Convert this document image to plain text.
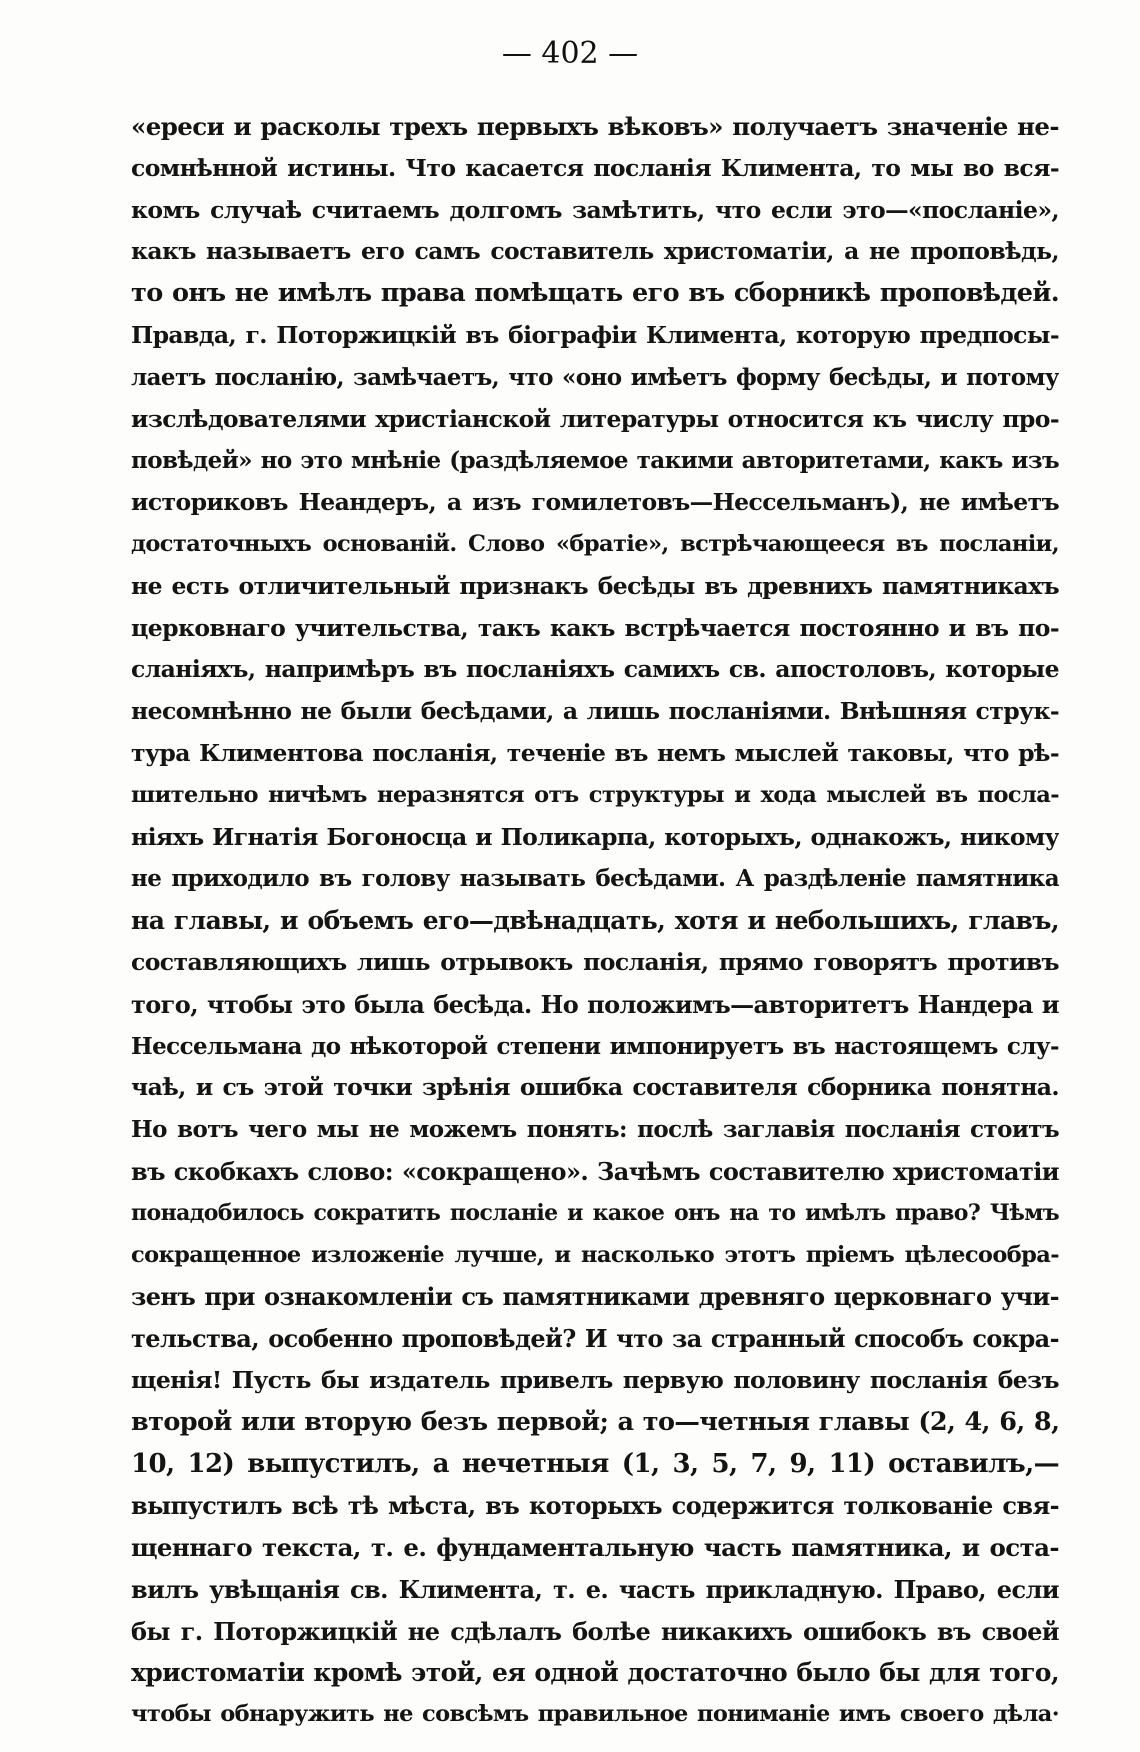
— 402 —
«ереси и расколы трехъ первыхъ вѣковъ» получаетъ значеніе не-
сомнѣнной истины. Что касается посланія Климента, то мы во вся-
комъ случаѣ считаемъ долгомъ замѣтить, что если это—«посланіе»,
какъ называетъ его самъ составитель христоматіи, а не проповѣдь,
то онъ не имѣлъ права помѣщать его въ сборникѣ проповѣдей.
Правда, г. Поторжицкій въ біографіи Климента, которую предпосы-
лаетъ посланію, замѣчаетъ, что «оно имѣетъ форму бесѣды, и потому
изслѣдователями христіанской литературы относится къ числу про-
повѣдей» но это мнѣніе (раздѣляемое такими авторитетами, какъ изъ
историковъ Неандеръ, а изъ гомилетовъ—Нессельманъ), не имѣетъ
достаточныхъ основаній. Слово «братіе», встрѣчающееся въ посланіи,
не есть отличительный признакъ бесѣды въ древнихъ памятникахъ
церковнаго учительства, такъ какъ встрѣчается постоянно и въ по-
сланіяхъ, напримѣръ въ посланіяхъ самихъ св. апостоловъ, которые
несомнѣнно не были бесѣдами, а лишь посланіями. Внѣшняя струк-
тура Климентова посланія, теченіе въ немъ мыслей таковы, что рѣ-
шительно ничѣмъ неразнятся отъ структуры и хода мыслей въ посла-
ніяхъ Игнатія Богоносца и Поликарпа, которыхъ, однакожъ, никому
не приходило въ голову называть бесѣдами. А раздѣленіе памятника
на главы, и объемъ его—двѣнадцать, хотя и небольшихъ, главъ,
составляющихъ лишь отрывокъ посланія, прямо говорятъ противъ
того, чтобы это была бесѣда. Но положимъ—авторитетъ Нандера и
Нессельмана до нѣкоторой степени импонируетъ въ настоящемъ слу-
чаѣ, и съ этой точки зрѣнія ошибка составителя сборника понятна.
Но вотъ чего мы не можемъ понять: послѣ заглавія посланія стоитъ
въ скобкахъ слово: «сокращено». Зачѣмъ составителю христоматіи
понадобилось сократить посланіе и какое онъ на то имѣлъ право? Чѣмъ
сокращенное изложеніе лучше, и насколько этотъ пріемъ цѣлесообра-
зенъ при ознакомленіи съ памятниками древняго церковнаго учи-
тельства, особенно проповѣдей? И что за странный способъ сокра-
щенія! Пусть бы издатель привелъ первую половину посланія безъ
второй или вторую безъ первой; а то—четныя главы (2, 4, 6, 8,
10, 12) выпустилъ, а нечетныя (1, 3, 5, 7, 9, 11) оставилъ,—
выпустилъ всѣ тѣ мѣста, въ которыхъ содержится толкованіе свя-
щеннаго текста, т. е. фундаментальную часть памятника, и оста-
вилъ увѣщанія св. Климента, т. е. часть прикладную. Право, если
бы г. Поторжицкій не сдѣлалъ болѣе никакихъ ошибокъ въ своей
христоматіи кромѣ этой, ея одной достаточно было бы для того,
чтобы обнаружить не совсѣмъ правильное пониманіе имъ своего дѣла·
